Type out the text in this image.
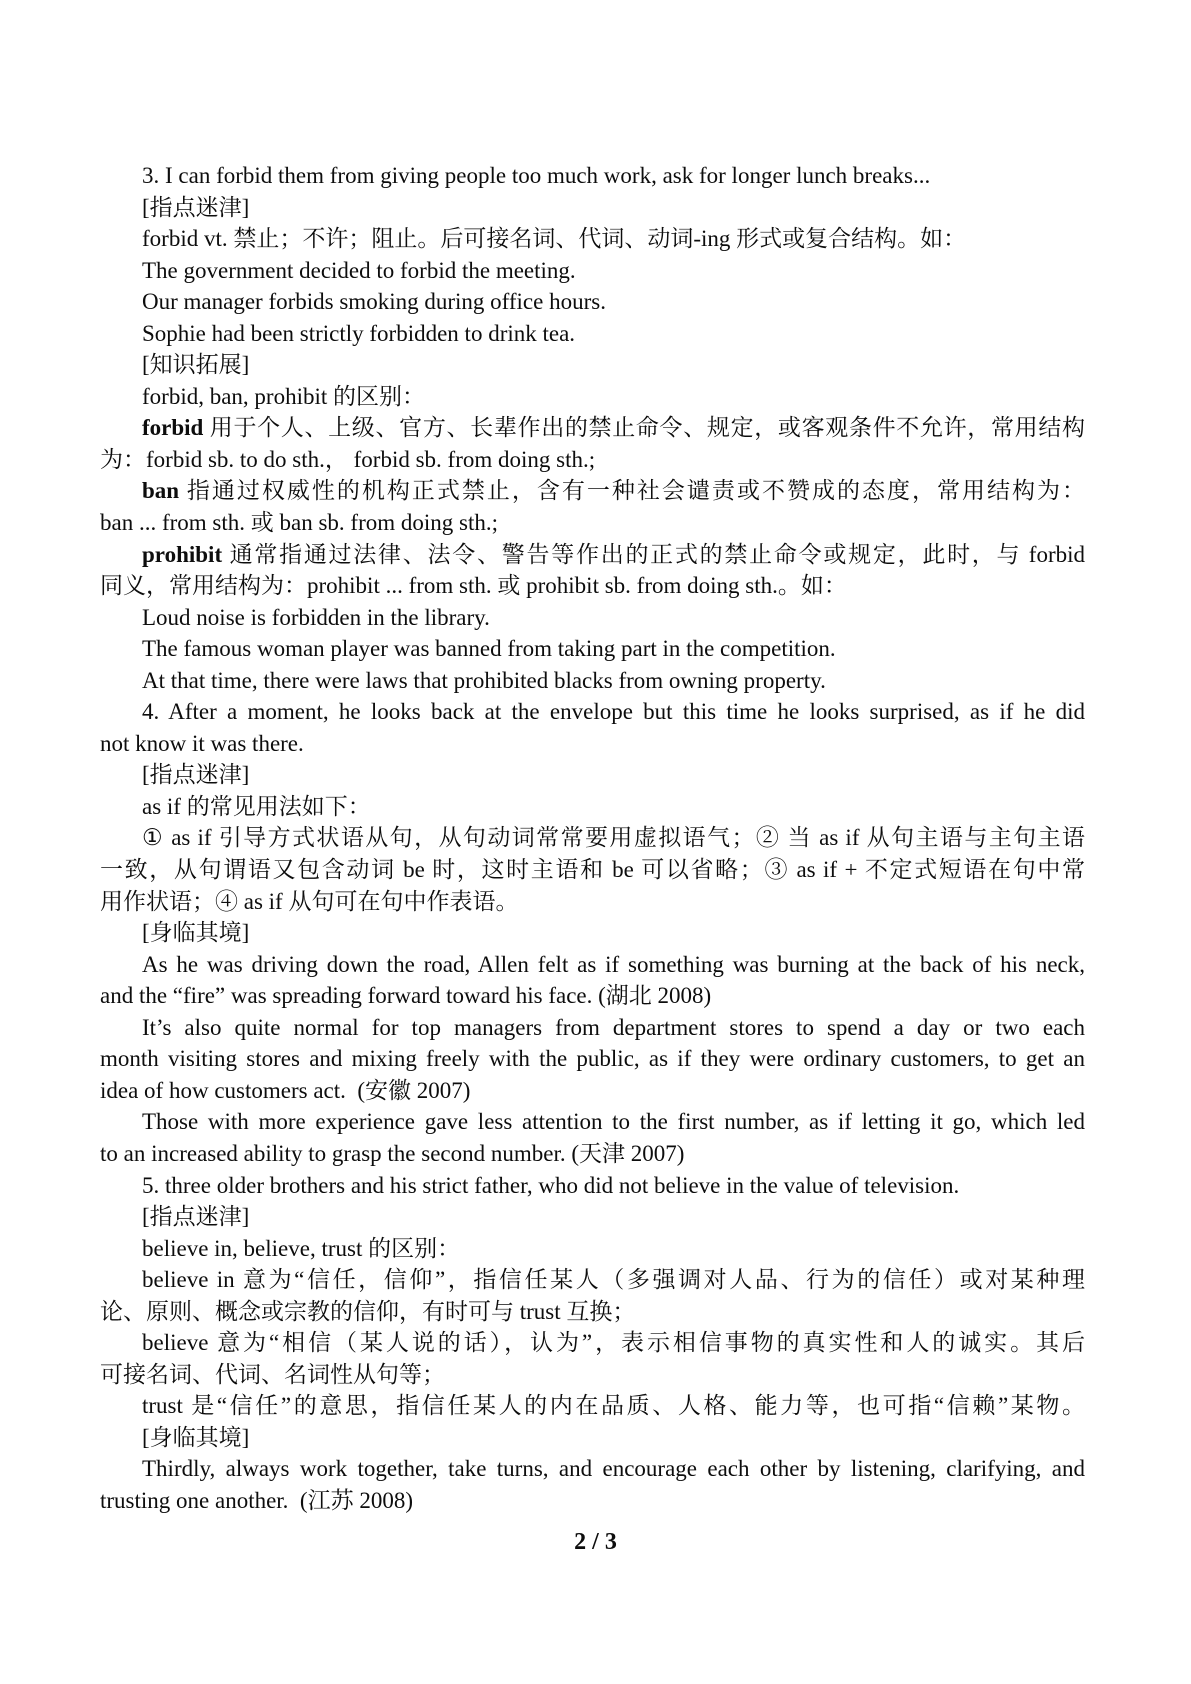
3. I can forbid them from giving people too much work, ask for longer lunch breaks...
[指点迷津]
forbid vt. 禁止；不许；阻止。后可接名词、代词、动词-ing 形式或复合结构。如：
The government decided to forbid the meeting.
Our manager forbids smoking during office hours.
Sophie had been strictly forbidden to drink tea.
[知识拓展]
forbid, ban, prohibit 的区别：
forbid 用于个人、上级、官方、长辈作出的禁止命令、规定，或客观条件不允许，常用结构
为：forbid sb. to do sth.， forbid sb. from doing sth.;
ban 指通过权威性的机构正式禁止，含有一种社会谴责或不赞成的态度，常用结构为：
ban ... from sth. 或 ban sb. from doing sth.;
prohibit 通常指通过法律、法令、警告等作出的正式的禁止命令或规定，此时，与 forbid
同义，常用结构为：prohibit ... from sth. 或 prohibit sb. from doing sth.。如：
Loud noise is forbidden in the library.
The famous woman player was banned from taking part in the competition.
At that time, there were laws that prohibited blacks from owning property.
4. After a moment, he looks back at the envelope but this time he looks surprised, as if he did
not know it was there.
[指点迷津]
as if 的常见用法如下：
① as if 引导方式状语从句，从句动词常常要用虚拟语气；② 当 as if 从句主语与主句主语
一致，从句谓语又包含动词 be 时，这时主语和 be 可以省略；③ as if + 不定式短语在句中常
用作状语；④ as if 从句可在句中作表语。
[身临其境]
As he was driving down the road, Allen felt as if something was burning at the back of his neck,
and the “fire” was spreading forward toward his face. (湖北 2008)
It’s also quite normal for top managers from department stores to spend a day or two each
month visiting stores and mixing freely with the public, as if they were ordinary customers, to get an
idea of how customers act.  (安徽 2007)
Those with more experience gave less attention to the first number, as if letting it go, which led
to an increased ability to grasp the second number. (天津 2007)
5. three older brothers and his strict father, who did not believe in the value of television.
[指点迷津]
believe in, believe, trust 的区别：
believe in 意为“信任，信仰”，指信任某人（多强调对人品、行为的信任）或对某种理
论、原则、概念或宗教的信仰，有时可与 trust 互换；
believe 意为“相信（某人说的话），认为”，表示相信事物的真实性和人的诚实。其后
可接名词、代词、名词性从句等；
trust 是“信任”的意思，指信任某人的内在品质、人格、能力等，也可指“信赖”某物。
[身临其境]
Thirdly, always work together, take turns, and encourage each other by listening, clarifying, and
trusting one another.  (江苏 2008)
2 / 3
